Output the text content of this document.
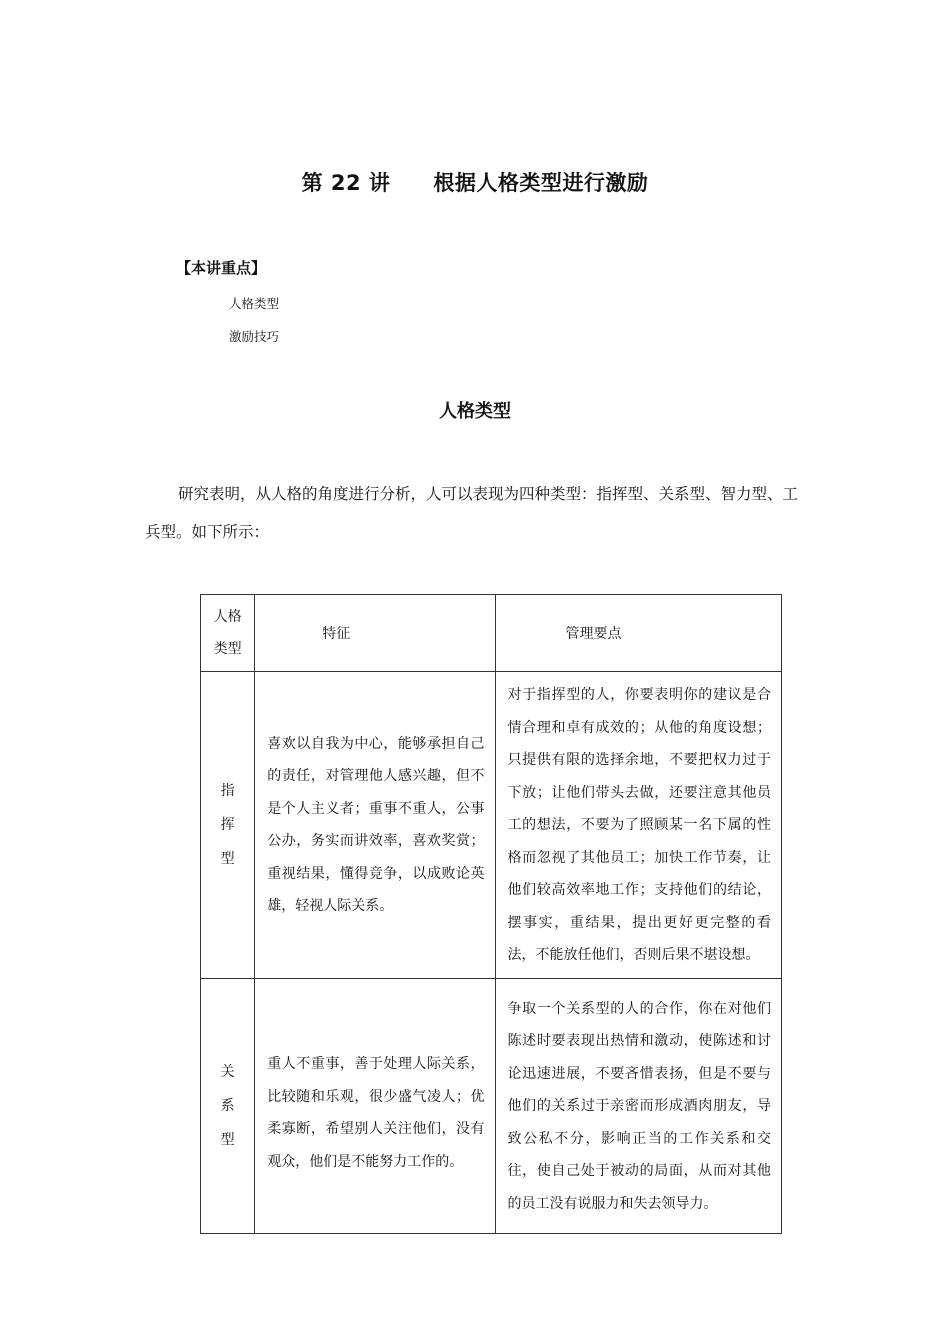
第 22 讲　　根据人格类型进行激励
【本讲重点】
人格类型
激励技巧
人格类型

研究表明，从人格的角度进行分析，人可以表现为四种类型：指挥型、关系型、智力型、工兵型。如下所示：

人格类型	特征	管理要点
指
挥
型	喜欢以自我为中心，能够承担自己的责任，对管理他人感兴趣，但不是个人主义者；重事不重人，公事公办，务实而讲效率，喜欢奖赏；重视结果，懂得竞争，以成败论英雄，轻视人际关系。	对于指挥型的人，你要表明你的建议是合情合理和卓有成效的；从他的角度设想；只提供有限的选择余地，不要把权力过于下放；让他们带头去做，还要注意其他员工的想法，不要为了照顾某一名下属的性格而忽视了其他员工；加快工作节奏，让他们较高效率地工作；支持他们的结论，摆事实，重结果，提出更好更完整的看法，不能放任他们，否则后果不堪设想。
关
系
型	重人不重事，善于处理人际关系，比较随和乐观，很少盛气凌人；优柔寡断，希望别人关注他们，没有观众，他们是不能努力工作的。	争取一个关系型的人的合作，你在对他们陈述时要表现出热情和激动，使陈述和讨论迅速进展，不要吝惜表扬，但是不要与他们的关系过于亲密而形成酒肉朋友，导致公私不分，影响正当的工作关系和交往，使自己处于被动的局面，从而对其他的员工没有说服力和失去领导力。
